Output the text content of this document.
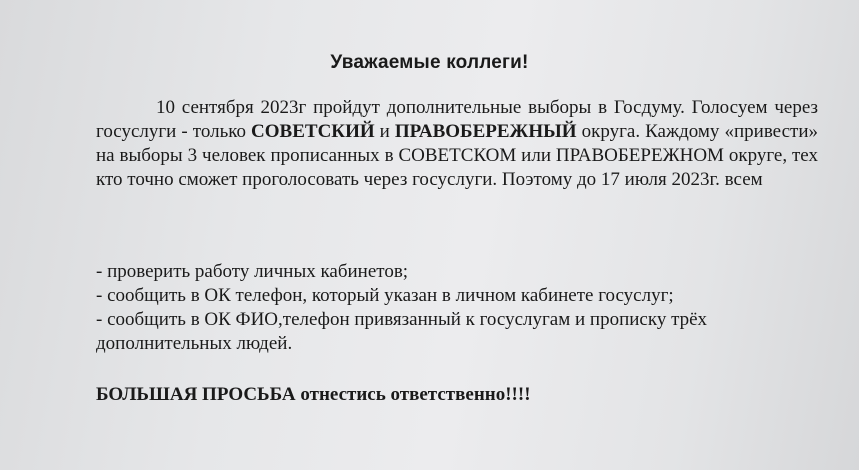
Уважаемые коллеги!
10 сентября 2023г пройдут дополнительные выборы в Госдуму. Голосуем через госуслуги - только СОВЕТСКИЙ и ПРАВОБЕРЕЖНЫЙ округа. Каждому «привести» на выборы 3 человек прописанных в СОВЕТСКОМ или ПРАВОБЕРЕЖНОМ округе, тех кто точно сможет проголосовать через госуслуги. Поэтому до 17 июля 2023г. всем
- проверить работу личных кабинетов;
- сообщить в ОК телефон, который указан в личном кабинете госуслуг;
- сообщить в ОК ФИО,телефон привязанный к госуслугам и прописку трёх дополнительных людей.
БОЛЬШАЯ ПРОСЬБА отнестись ответственно!!!!
